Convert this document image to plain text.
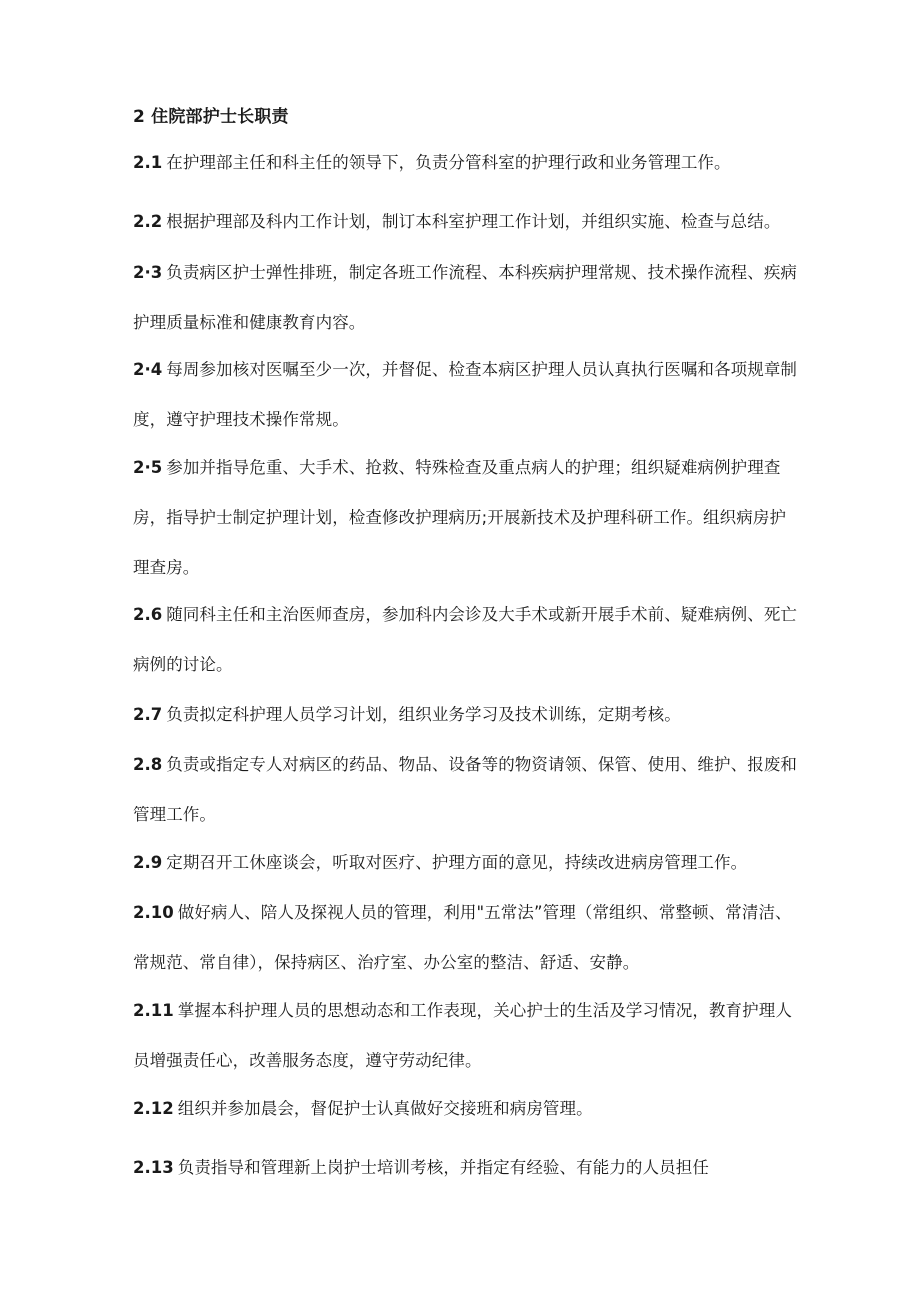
2 住院部护士长职责

2.1 在护理部主任和科主任的领导下，负责分管科室的护理行政和业务管理工作。

2.2 根据护理部及科内工作计划，制订本科室护理工作计划，并组织实施、检查与总结。

2·3 负责病区护士弹性排班，制定各班工作流程、本科疾病护理常规、技术操作流程、疾病护理质量标准和健康教育内容。

2·4 每周参加核对医嘱至少一次，并督促、检查本病区护理人员认真执行医嘱和各项规章制度，遵守护理技术操作常规。

2·5 参加并指导危重、大手术、抢救、特殊检查及重点病人的护理；组织疑难病例护理查房，指导护士制定护理计划，检查修改护理病历;开展新技术及护理科研工作。组织病房护理查房。

2.6 随同科主任和主治医师查房，参加科内会诊及大手术或新开展手术前、疑难病例、死亡病例的讨论。

2.7 负责拟定科护理人员学习计划，组织业务学习及技术训练，定期考核。

2.8 负责或指定专人对病区的药品、物品、设备等的物资请领、保管、使用、维护、报废和管理工作。

2.9 定期召开工休座谈会，听取对医疗、护理方面的意见，持续改进病房管理工作。

2.10 做好病人、陪人及探视人员的管理，利用"五常法”管理（常组织、常整顿、常清洁、常规范、常自律），保持病区、治疗室、办公室的整洁、舒适、安静。

2.11 掌握本科护理人员的思想动态和工作表现，关心护士的生活及学习情况，教育护理人员增强责任心，改善服务态度，遵守劳动纪律。

2.12 组织并参加晨会，督促护士认真做好交接班和病房管理。

2.13 负责指导和管理新上岗护士培训考核，并指定有经验、有能力的人员担任
